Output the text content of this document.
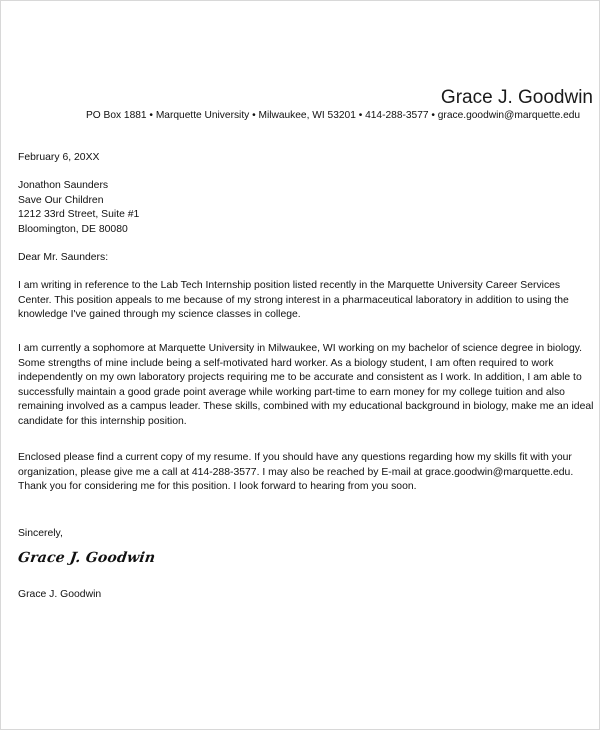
Grace J. Goodwin
PO Box 1881 • Marquette University • Milwaukee, WI 53201 • 414-288-3577 • grace.goodwin@marquette.edu
February 6, 20XX
Jonathon Saunders
Save Our Children
1212 33rd Street, Suite #1
Bloomington, DE 80080
Dear Mr. Saunders:
I am writing in reference to the Lab Tech Internship position listed recently in the Marquette University Career Services
Center. This position appeals to me because of my strong interest in a pharmaceutical laboratory in addition to using the
knowledge I've gained through my science classes in college.
I am currently a sophomore at Marquette University in Milwaukee, WI working on my bachelor of science degree in biology.
Some strengths of mine include being a self-motivated hard worker. As a biology student, I am often required to work
independently on my own laboratory projects requiring me to be accurate and consistent as I work. In addition, I am able to
successfully maintain a good grade point average while working part-time to earn money for my college tuition and also
remaining involved as a campus leader. These skills, combined with my educational background in biology, make me an ideal
candidate for this internship position.
Enclosed please find a current copy of my resume. If you should have any questions regarding how my skills fit with your
organization, please give me a call at 414-288-3577. I may also be reached by E-mail at grace.goodwin@marquette.edu.
Thank you for considering me for this position. I look forward to hearing from you soon.
Sincerely,
Grace J. Goodwin
Grace J. Goodwin
